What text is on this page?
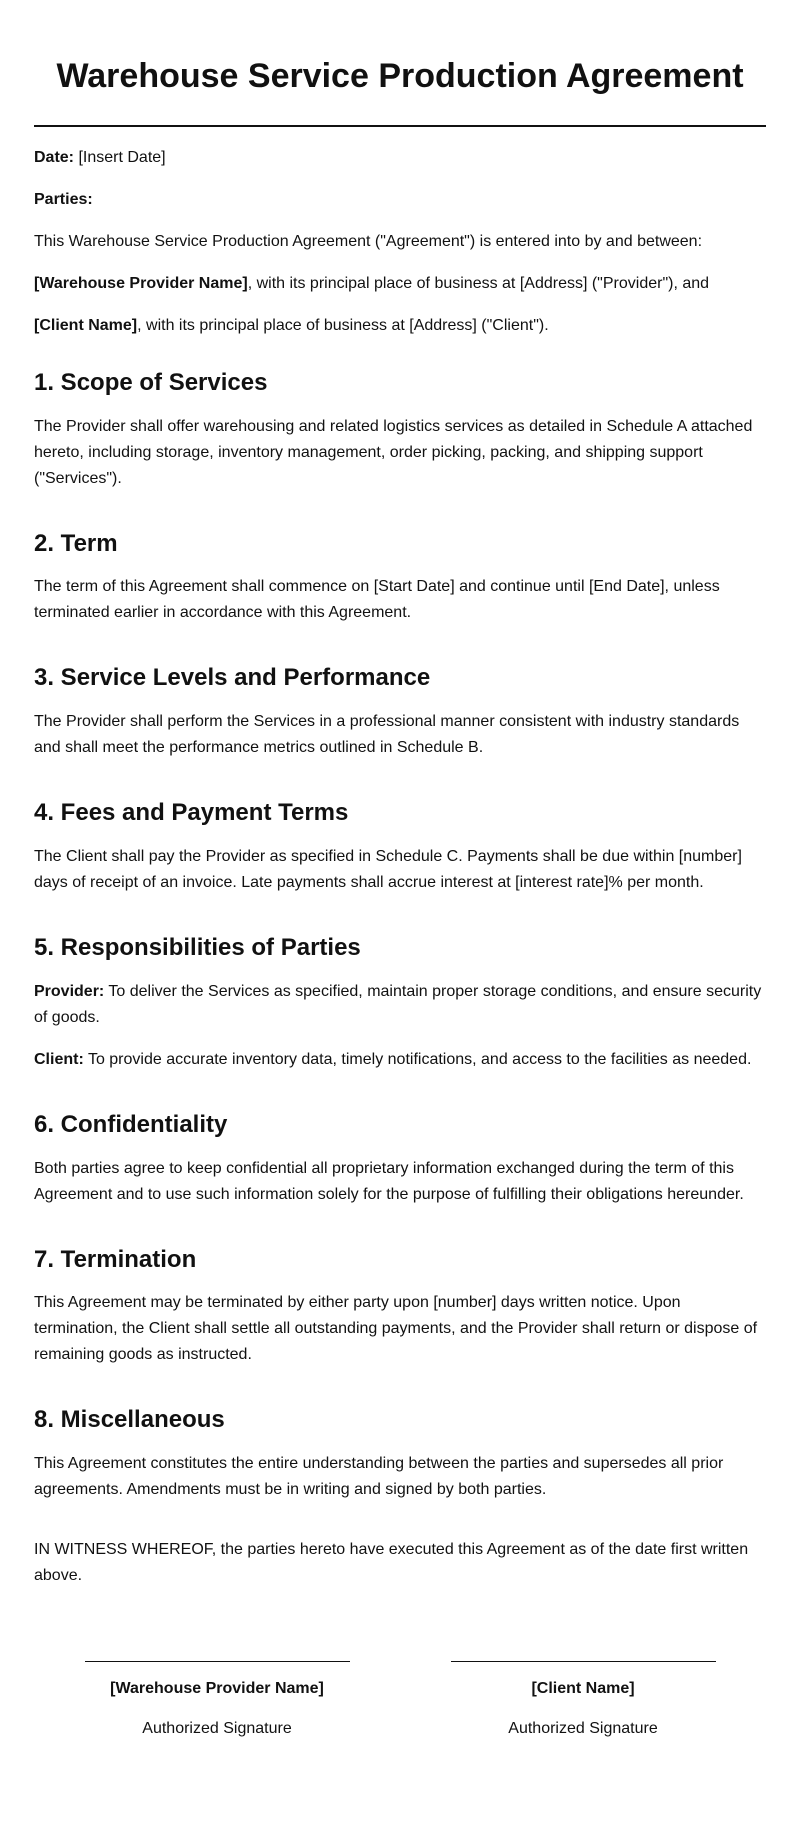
Warehouse Service Production Agreement

Date: [Insert Date]

Parties:

This Warehouse Service Production Agreement ("Agreement") is entered into by and between:

[Warehouse Provider Name], with its principal place of business at [Address] ("Provider"), and

[Client Name], with its principal place of business at [Address] ("Client").

1. Scope of Services

The Provider shall offer warehousing and related logistics services as detailed in Schedule A attached hereto, including storage, inventory management, order picking, packing, and shipping support ("Services").

2. Term

The term of this Agreement shall commence on [Start Date] and continue until [End Date], unless terminated earlier in accordance with this Agreement.

3. Service Levels and Performance

The Provider shall perform the Services in a professional manner consistent with industry standards and shall meet the performance metrics outlined in Schedule B.

4. Fees and Payment Terms

The Client shall pay the Provider as specified in Schedule C. Payments shall be due within [number] days of receipt of an invoice. Late payments shall accrue interest at [interest rate]% per month.

5. Responsibilities of Parties

Provider: To deliver the Services as specified, maintain proper storage conditions, and ensure security of goods.

Client: To provide accurate inventory data, timely notifications, and access to the facilities as needed.

6. Confidentiality

Both parties agree to keep confidential all proprietary information exchanged during the term of this Agreement and to use such information solely for the purpose of fulfilling their obligations hereunder.

7. Termination

This Agreement may be terminated by either party upon [number] days written notice. Upon termination, the Client shall settle all outstanding payments, and the Provider shall return or dispose of remaining goods as instructed.

8. Miscellaneous

This Agreement constitutes the entire understanding between the parties and supersedes all prior agreements. Amendments must be in writing and signed by both parties.

IN WITNESS WHEREOF, the parties hereto have executed this Agreement as of the date first written above.

[Warehouse Provider Name]

Authorized Signature

[Client Name]

Authorized Signature
